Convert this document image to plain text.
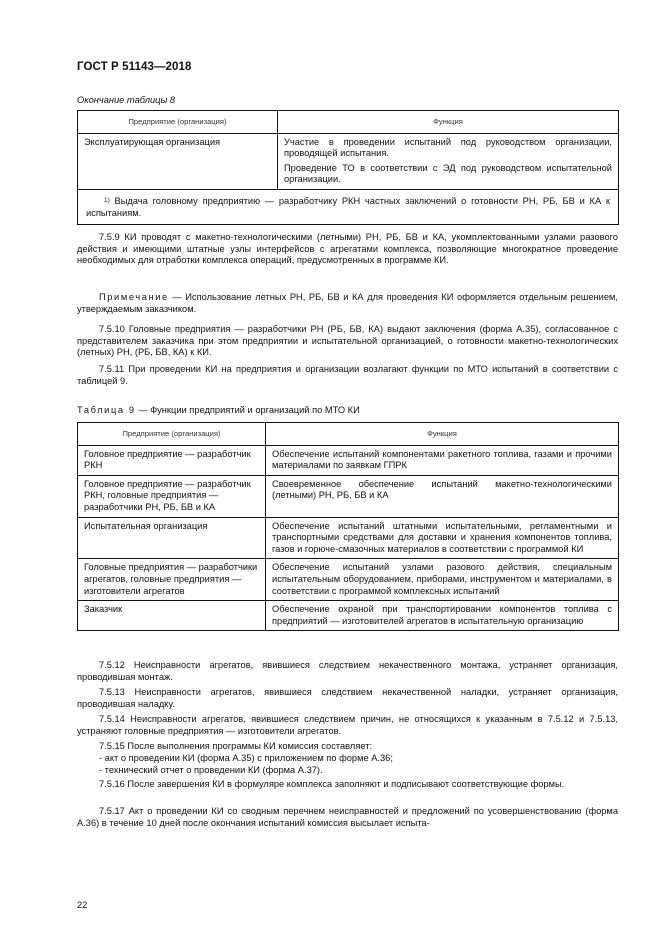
ГОСТ Р 51143—2018
Окончание таблицы 8
Предприятие (организация)	Функция
Эксплуатирующая организация	Участие в проведении испытаний под руководством организации, проводящей испытания.
Проведение ТО в соответствии с ЭД под руководством испытательной организации.

$^{1)}$ Выдача головному предприятию — разработчику РКН частных заключений о готовности РН, РБ, БВ и КА к испытаниям.	
7.5.9 КИ проводят с макетно-технологическими (летными) РН, РБ, БВ и КА, укомплектованными узлами разового действия и имеющими штатные узлы интерфейсов с агрегатами комплекса, позволяющие многократное проведение необходимых для отработки комплекса операций, предусмотренных в программе КИ.
Примечание — Использование летных РН, РБ, БВ и КА для проведения КИ оформляется отдельным решением, утверждаемым заказчиком.
7.5.10 Головные предприятия — разработчики РН (РБ, БВ, КА) выдают заключения (форма А.35), согласованное с представителем заказчика при этом предприятии и испытательной организацией, о готовности макетно-технологических (летных) РН, (РБ, БВ, КА) к КИ.
7.5.11 При проведении КИ на предприятия и организации возлагают функции по МТО испытаний в соответствии с таблицей 9.
Таблица 9 — Функции предприятий и организаций по МТО КИ
Предприятие (организация)	Функция
Головное предприятие — разработчик РКН	Обеспечение испытаний компонентами ракетного топлива, газами и прочими материалами по заявкам ГПРК
Головное предприятие — разработчик РКН, головные предприятия — разработчики РН, РБ, БВ и КА	Своевременное обеспечение испытаний макетно-технологическими (летными) РН, РБ, БВ и КА
Испытательная организация	Обеспечение испытаний штатными испытательными, регламентными и транспортными средствами для доставки и хранения компонентов топлива, газов и горюче-смазочных материалов в соответствии с программой КИ
Головные предприятия — разработчики агрегатов, головные предприятия — изготовители агрегатов	Обеспечение испытаний узлами разового действия, специальным испытательным оборудованием, приборами, инструментом и материалами, в соответствии с программой комплексных испытаний
Заказчик	Обеспечение охраной при транспортировании компонентов топлива с предприятий — изготовителей агрегатов в испытательную организацию
7.5.12 Неисправности агрегатов, явившиеся следствием некачественного монтажа, устраняет организация, проводившая монтаж.
7.5.13 Неисправности агрегатов, явившиеся следствием некачественной наладки, устраняет организация, проводившая наладку.
7.5.14 Неисправности агрегатов, явившиеся следствием причин, не относящихся к указанным в 7.5.12 и 7.5.13, устраняют головные предприятия — изготовители агрегатов.
7.5.15 После выполнения программы КИ комиссия составляет:
- акт о проведении КИ (форма А.35) с приложением по форме А.36;
- технический отчет о проведении КИ (форма А.37).
7.5.16 После завершения КИ в формуляре комплекса заполняют и подписывают соответствующие формы.
7.5.17 Акт о проведении КИ со сводным перечнем неисправностей и предложений по усовершенствованию (форма А.36) в течение 10 дней после окончания испытаний комиссия высылает испыта-
22
